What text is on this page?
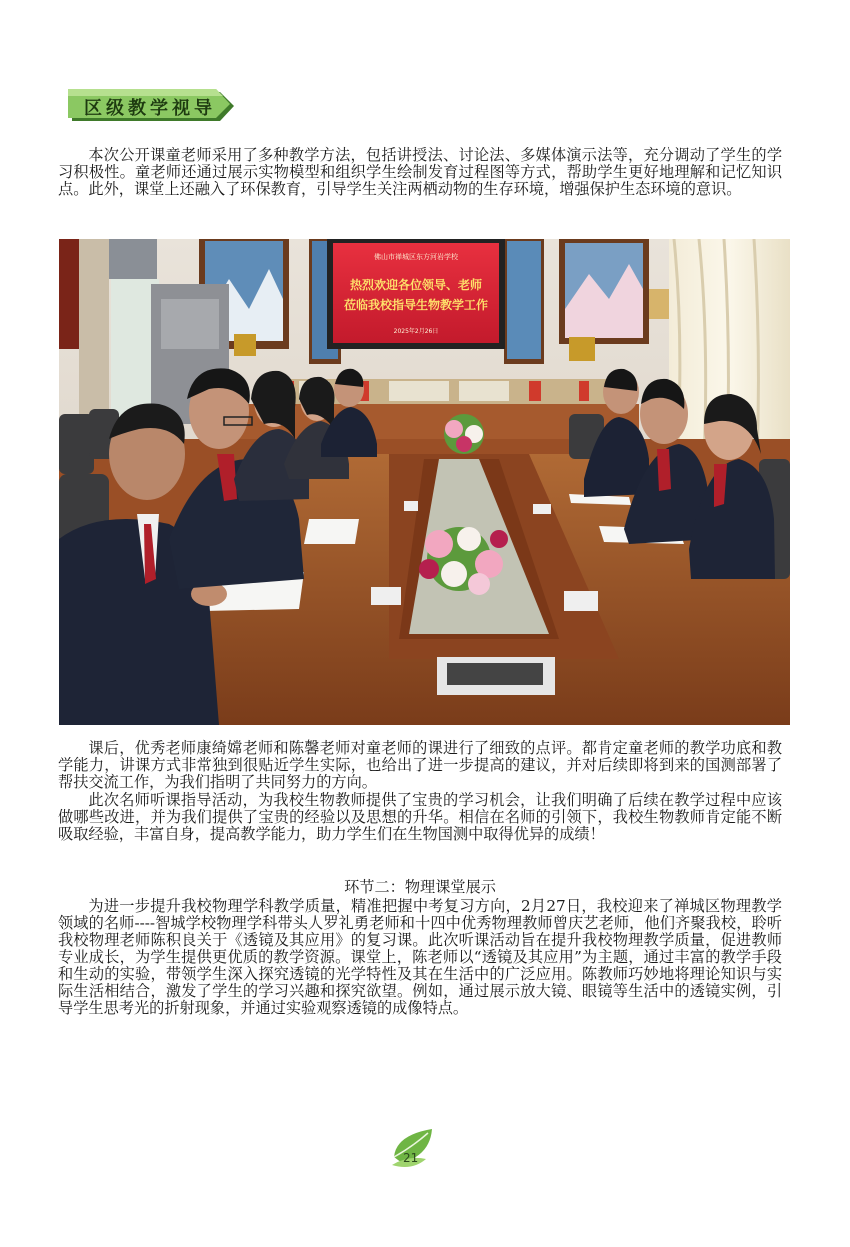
区级教学视导

本次公开课童老师采用了多种教学方法，包括讲授法、讨论法、多媒体演示法等，充分调动了学生的学习积极性。童老师还通过展示实物模型和组织学生绘制发育过程图等方式，帮助学生更好地理解和记忆知识点。此外，课堂上还融入了环保教育，引导学生关注两栖动物的生存环境，增强保护生态环境的意识。

佛山市禅城区东方河岩学校
热烈欢迎各位领导、老师
莅临我校指导生物教学工作
2025年2月26日

课后，优秀老师康绮嫦老师和陈馨老师对童老师的课进行了细致的点评。都肯定童老师的教学功底和教学能力，讲课方式非常独到很贴近学生实际，也给出了进一步提高的建议，并对后续即将到来的国测部署了帮扶交流工作，为我们指明了共同努力的方向。

此次名师听课指导活动，为我校生物教师提供了宝贵的学习机会，让我们明确了后续在教学过程中应该做哪些改进，并为我们提供了宝贵的经验以及思想的升华。相信在名师的引领下，我校生物教师肯定能不断吸取经验，丰富自身，提高教学能力，助力学生们在生物国测中取得优异的成绩！

环节二：物理课堂展示

为进一步提升我校物理学科教学质量，精准把握中考复习方向，2月27日，我校迎来了禅城区物理教学领域的名师----智城学校物理学科带头人罗礼勇老师和十四中优秀物理教师曾庆艺老师，他们齐聚我校，聆听我校物理老师陈积良关于《透镜及其应用》的复习课。此次听课活动旨在提升我校物理教学质量，促进教师专业成长，为学生提供更优质的教学资源。课堂上，陈老师以“透镜及其应用”为主题，通过丰富的教学手段和生动的实验，带领学生深入探究透镜的光学特性及其在生活中的广泛应用。陈教师巧妙地将理论知识与实际生活相结合，激发了学生的学习兴趣和探究欲望。例如，通过展示放大镜、眼镜等生活中的透镜实例，引导学生思考光的折射现象，并通过实验观察透镜的成像特点。

21
